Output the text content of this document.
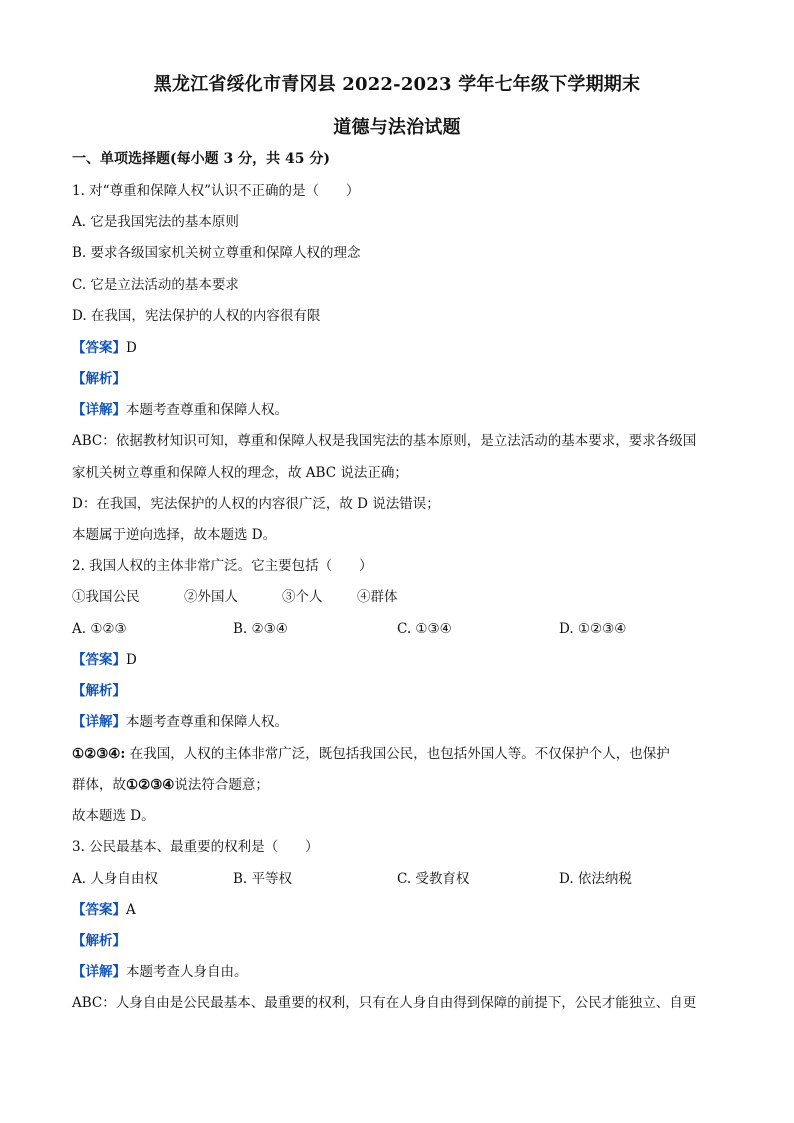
黑龙江省绥化市青冈县 2022-2023 学年七年级下学期期末
道德与法治试题
一、单项选择题(每小题 3 分，共 45 分)
1. 对“尊重和保障人权”认识不正确的是（　　）
A. 它是我国宪法的基本原则
B. 要求各级国家机关树立尊重和保障人权的理念
C. 它是立法活动的基本要求
D. 在我国，宪法保护的人权的内容很有限
【答案】D
【解析】
【详解】本题考查尊重和保障人权。
ABC：依据教材知识可知，尊重和保障人权是我国宪法的基本原则，是立法活动的基本要求，要求各级国
家机关树立尊重和保障人权的理念，故 ABC 说法正确；
D：在我国，宪法保护的人权的内容很广泛，故 D 说法错误；
本题属于逆向选择，故本题选 D。
2. 我国人权的主体非常广泛。它主要包括（　　）
①我国公民	②外国人	③个人	④群体
A. ①②③	B. ②③④	C. ①③④	D. ①②③④
【答案】D
【解析】
【详解】本题考查尊重和保障人权。
①②③④: 在我国，人权的主体非常广泛，既包括我国公民，也包括外国人等。不仅保护个人，也保护
群体，故①②③④说法符合题意；
故本题选 D。
3. 公民最基本、最重要的权利是（　　）
A. 人身自由权	B. 平等权	C. 受教育权	D. 依法纳税
【答案】A
【解析】
【详解】本题考查人身自由。
ABC：人身自由是公民最基本、最重要的权利，只有在人身自由得到保障的前提下，公民才能独立、自更
